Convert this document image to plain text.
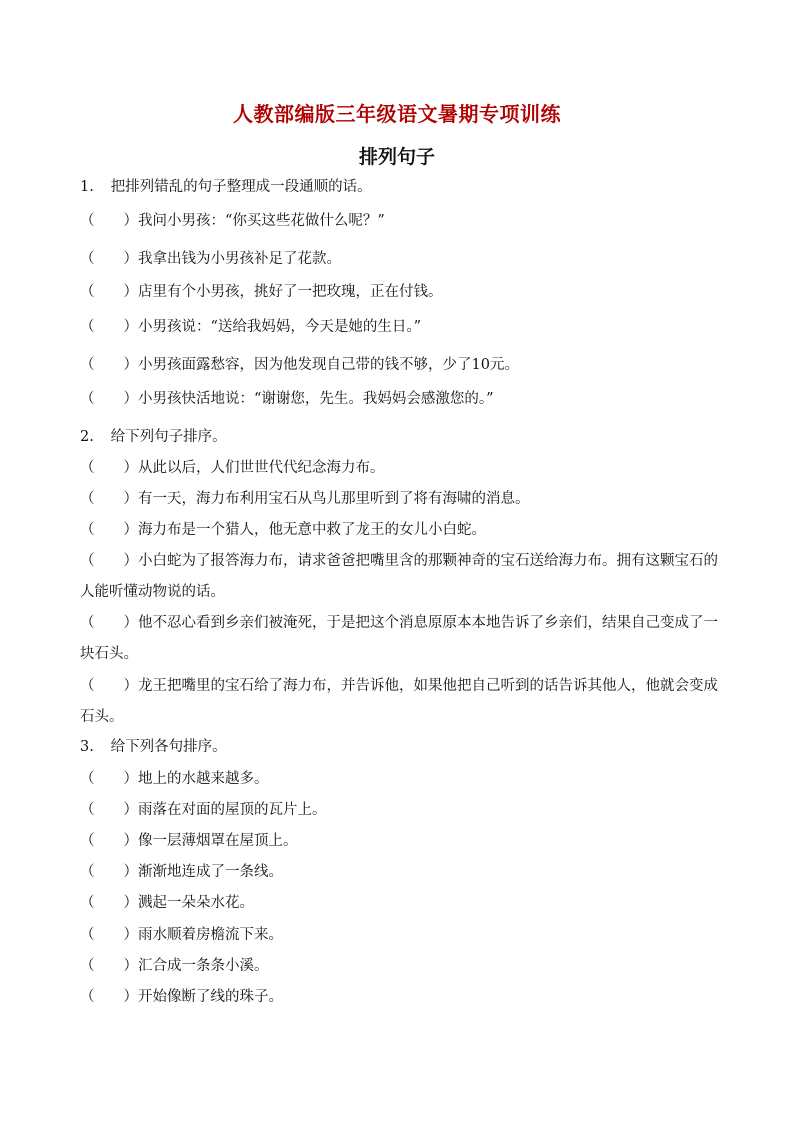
人教部编版三年级语文暑期专项训练
排列句子
1. 把排列错乱的句子整理成一段通顺的话。
（　　）我问小男孩：“你买这些花做什么呢？”
（　　）我拿出钱为小男孩补足了花款。
（　　）店里有个小男孩，挑好了一把玫瑰，正在付钱。
（　　）小男孩说：“送给我妈妈，今天是她的生日。”
（　　）小男孩面露愁容，因为他发现自己带的钱不够，少了10元。
（　　）小男孩快活地说：“谢谢您，先生。我妈妈会感激您的。”
2. 给下列句子排序。
（　　）从此以后，人们世世代代纪念海力布。
（　　）有一天，海力布利用宝石从鸟儿那里听到了将有海啸的消息。
（　　）海力布是一个猎人，他无意中救了龙王的女儿小白蛇。
（　　）小白蛇为了报答海力布，请求爸爸把嘴里含的那颗神奇的宝石送给海力布。拥有这颗宝石的人能听懂动物说的话。
（　　）他不忍心看到乡亲们被淹死，于是把这个消息原原本本地告诉了乡亲们，结果自己变成了一块石头。
（　　）龙王把嘴里的宝石给了海力布，并告诉他，如果他把自己听到的话告诉其他人，他就会变成石头。
3. 给下列各句排序。
（　　）地上的水越来越多。
（　　）雨落在对面的屋顶的瓦片上。
（　　）像一层薄烟罩在屋顶上。
（　　）渐渐地连成了一条线。
（　　）溅起一朵朵水花。
（　　）雨水顺着房檐流下来。
（　　）汇合成一条条小溪。
（　　）开始像断了线的珠子。
